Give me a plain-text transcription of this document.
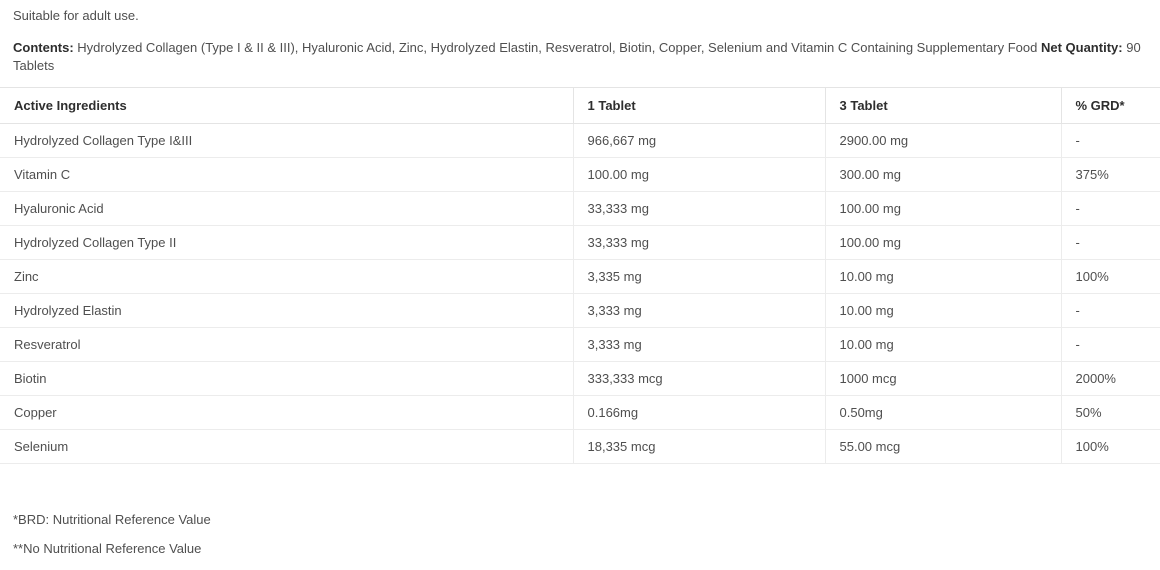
Suitable for adult use.
Contents: Hydrolyzed Collagen (Type I & II & III), Hyaluronic Acid, Zinc, Hydrolyzed Elastin, Resveratrol, Biotin, Copper, Selenium and Vitamin C Containing Supplementary Food Net Quantity: 90 Tablets
Active Ingredients	1 Tablet	3 Tablet	% GRD*
Hydrolyzed Collagen Type I&III	966,667 mg	2900.00 mg	-
Vitamin C	100.00 mg	300.00 mg	375%
Hyaluronic Acid	33,333 mg	100.00 mg	-
Hydrolyzed Collagen Type II	33,333 mg	100.00 mg	-
Zinc	3,335 mg	10.00 mg	100%
Hydrolyzed Elastin	3,333 mg	10.00 mg	-
Resveratrol	3,333 mg	10.00 mg	-
Biotin	333,333 mcg	1000 mcg	2000%
Copper	0.166mg	0.50mg	50%
Selenium	18,335 mcg	55.00 mcg	100%
*BRD: Nutritional Reference Value
**No Nutritional Reference Value
